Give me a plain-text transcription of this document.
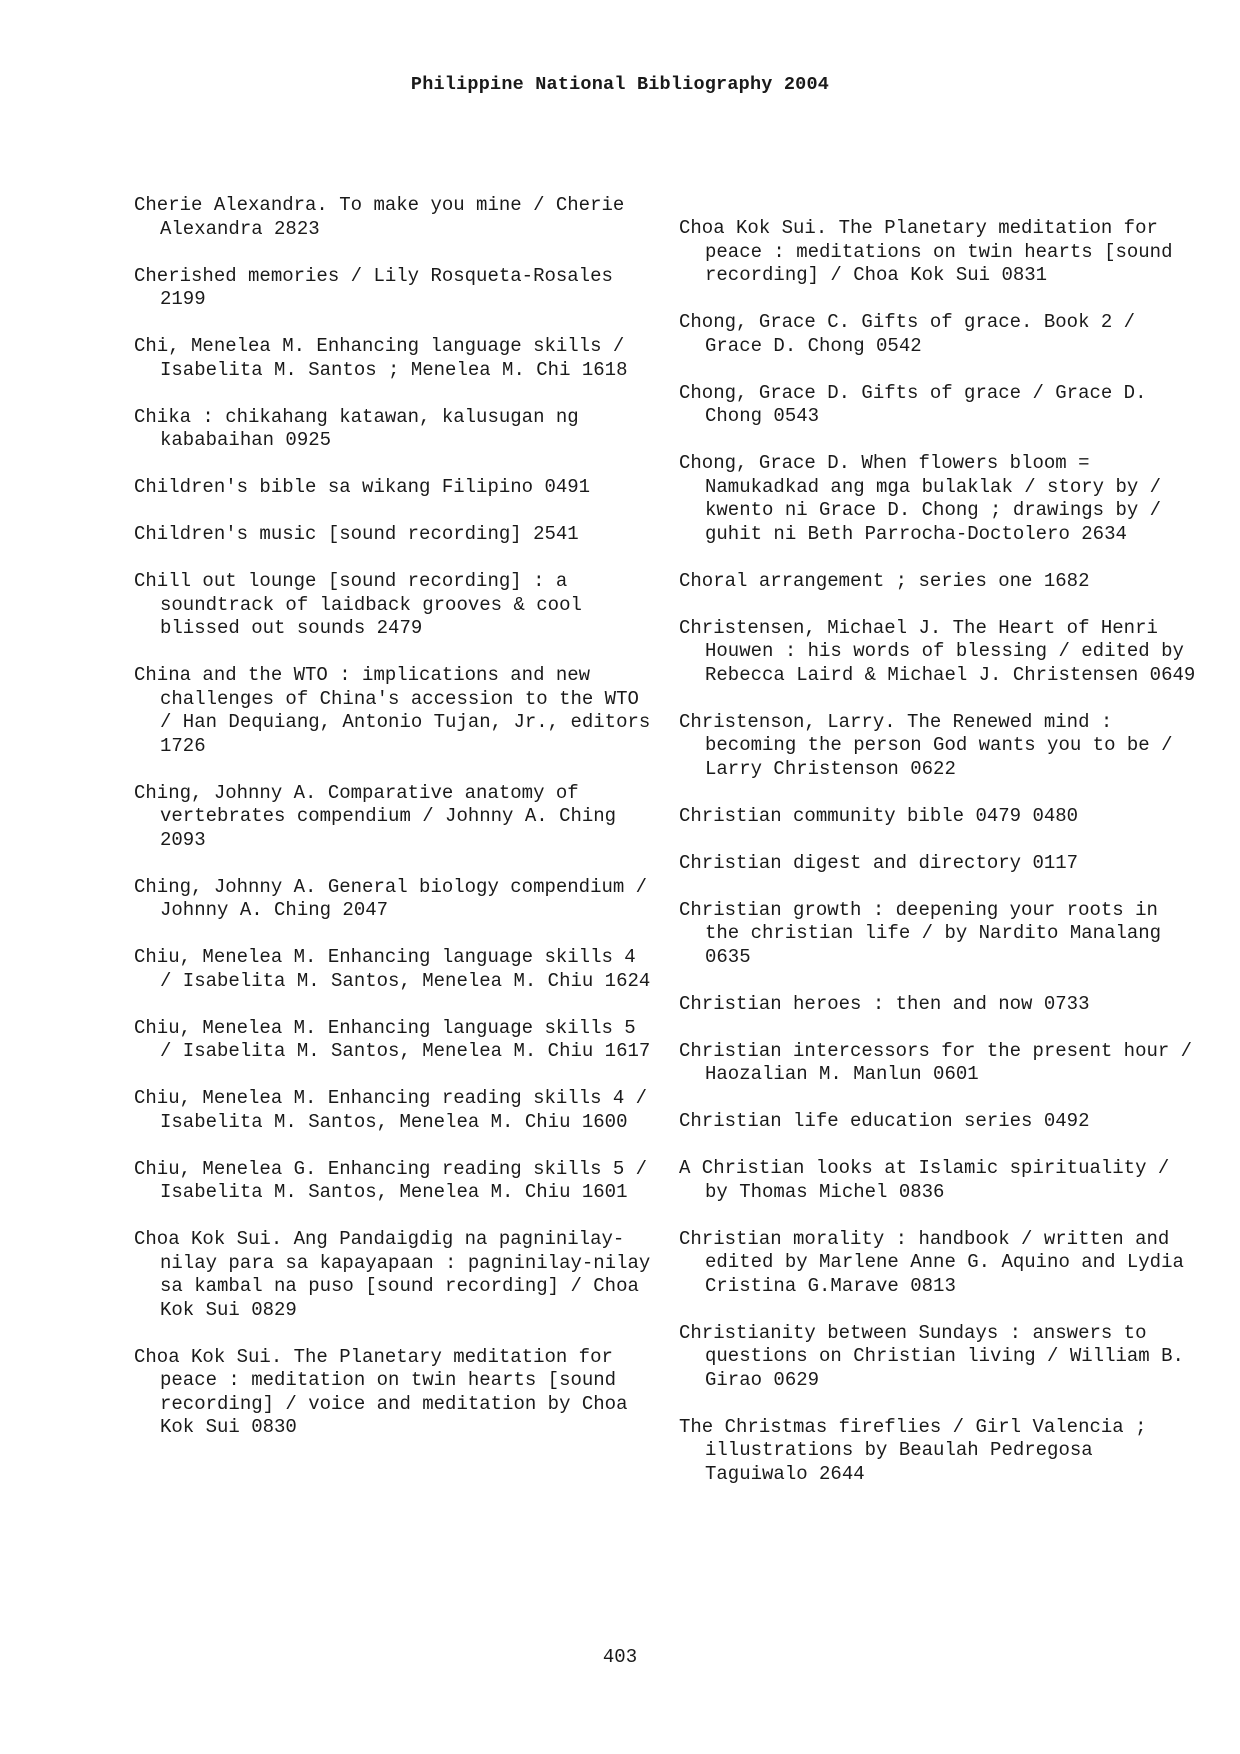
Philippine National Bibliography 2004

Cherie Alexandra. To make you mine / Cherie Alexandra 2823

Cherished memories / Lily Rosqueta-Rosales 2199

Chi, Menelea M. Enhancing language skills / Isabelita M. Santos ; Menelea M. Chi 1618

Chika : chikahang katawan, kalusugan ng kababaihan 0925

Children's bible sa wikang Filipino 0491

Children's music [sound recording] 2541

Chill out lounge [sound recording] : a soundtrack of laidback grooves & cool blissed out sounds 2479

China and the WTO : implications and new challenges of China's accession to the WTO / Han Dequiang, Antonio Tujan, Jr., editors 1726

Ching, Johnny A. Comparative anatomy of vertebrates compendium / Johnny A. Ching 2093

Ching, Johnny A. General biology compendium / Johnny A. Ching 2047

Chiu, Menelea M. Enhancing language skills 4 / Isabelita M. Santos, Menelea M. Chiu 1624

Chiu, Menelea M. Enhancing language skills 5 / Isabelita M. Santos, Menelea M. Chiu 1617

Chiu, Menelea M. Enhancing reading skills 4 / Isabelita M. Santos, Menelea M. Chiu 1600

Chiu, Menelea G. Enhancing reading skills 5 / Isabelita M. Santos, Menelea M. Chiu 1601

Choa Kok Sui. Ang Pandaigdig na pagninilay-nilay para sa kapayapaan : pagninilay-nilay sa kambal na puso [sound recording] / Choa Kok Sui 0829

Choa Kok Sui. The Planetary meditation for peace : meditation on twin hearts [sound recording] / voice and meditation by Choa Kok Sui 0830

Choa Kok Sui. The Planetary meditation for peace : meditations on twin hearts [sound recording] / Choa Kok Sui 0831

Chong, Grace C. Gifts of grace. Book 2 / Grace D. Chong 0542

Chong, Grace D. Gifts of grace / Grace D. Chong 0543

Chong, Grace D. When flowers bloom = Namukadkad ang mga bulaklak / story by / kwento ni Grace D. Chong ; drawings by / guhit ni Beth Parrocha-Doctolero 2634

Choral arrangement ; series one 1682

Christensen, Michael J. The Heart of Henri Houwen : his words of blessing / edited by Rebecca Laird & Michael J. Christensen 0649

Christenson, Larry. The Renewed mind : becoming the person God wants you to be / Larry Christenson 0622

Christian community bible 0479 0480

Christian digest and directory 0117

Christian growth : deepening your roots in the christian life / by Nardito Manalang 0635

Christian heroes : then and now 0733

Christian intercessors for the present hour / Haozalian M. Manlun 0601

Christian life education series 0492

A Christian looks at Islamic spirituality / by Thomas Michel 0836

Christian morality : handbook / written and edited by Marlene Anne G. Aquino and Lydia Cristina G.Marave 0813

Christianity between Sundays : answers to questions on Christian living / William B. Girao 0629

The Christmas fireflies / Girl Valencia ; illustrations by Beaulah Pedregosa Taguiwalo 2644

403
